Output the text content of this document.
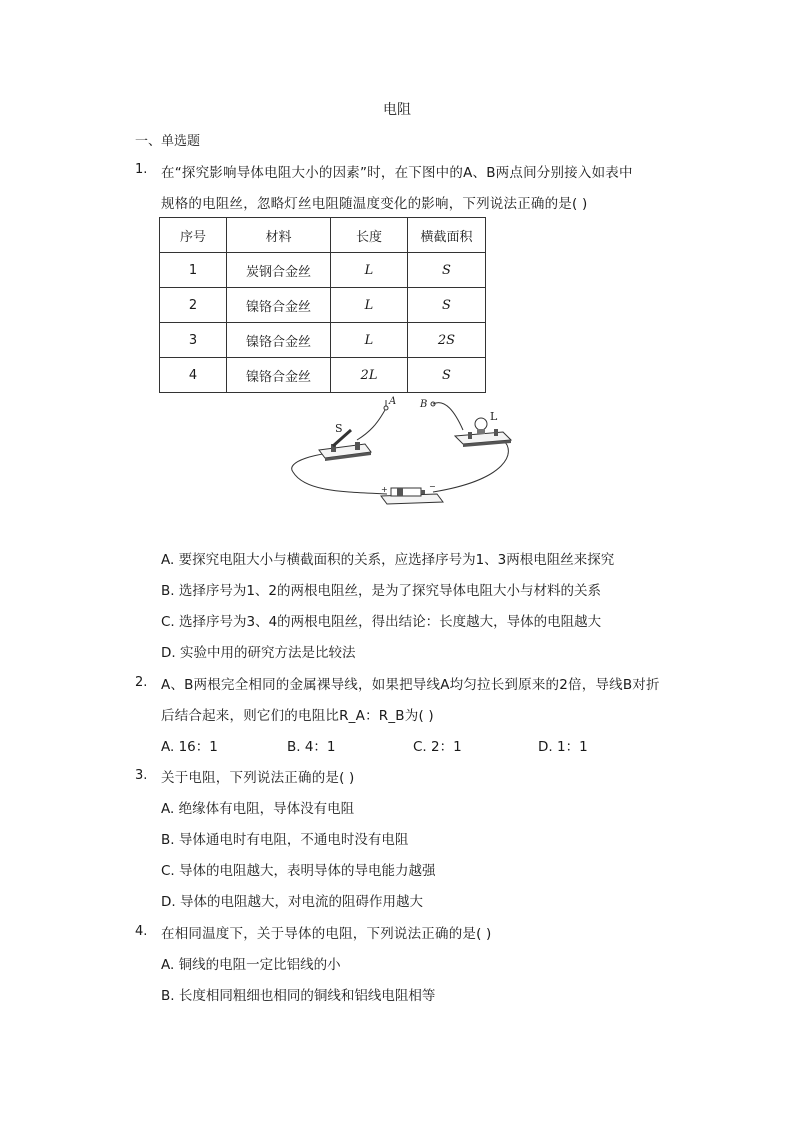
电阻
一、单选题
1. 在“探究影响导体电阻大小的因素”时，在下图中的A、B两点间分别接入如表中
规格的电阻丝，忽略灯丝电阻随温度变化的影响，下列说法正确的是( )
序号	材料	长度	横截面积
1	炭钢合金丝	L	S
2	镍铬合金丝	L	S
3	镍铬合金丝	L	2S
4	镍铬合金丝	2L	S
S
A B
L
+	−
A. 要探究电阻大小与横截面积的关系，应选择序号为1、3两根电阻丝来探究
B. 选择序号为1、2的两根电阻丝，是为了探究导体电阻大小与材料的关系
C. 选择序号为3、4的两根电阻丝，得出结论：长度越大，导体的电阻越大
D. 实验中用的研究方法是比较法
2. A、B两根完全相同的金属裸导线，如果把导线A均匀拉长到原来的2倍，导线B对折
后结合起来，则它们的电阻比R_A：R_B为( )
A. 16：1	B. 4：1	C. 2：1	D. 1：1
3. 关于电阻，下列说法正确的是( )
A. 绝缘体有电阻，导体没有电阻
B. 导体通电时有电阻，不通电时没有电阻
C. 导体的电阻越大，表明导体的导电能力越强
D. 导体的电阻越大，对电流的阻碍作用越大
4. 在相同温度下，关于导体的电阻，下列说法正确的是( )
A. 铜线的电阻一定比铝线的小
B. 长度相同粗细也相同的铜线和铝线电阻相等
